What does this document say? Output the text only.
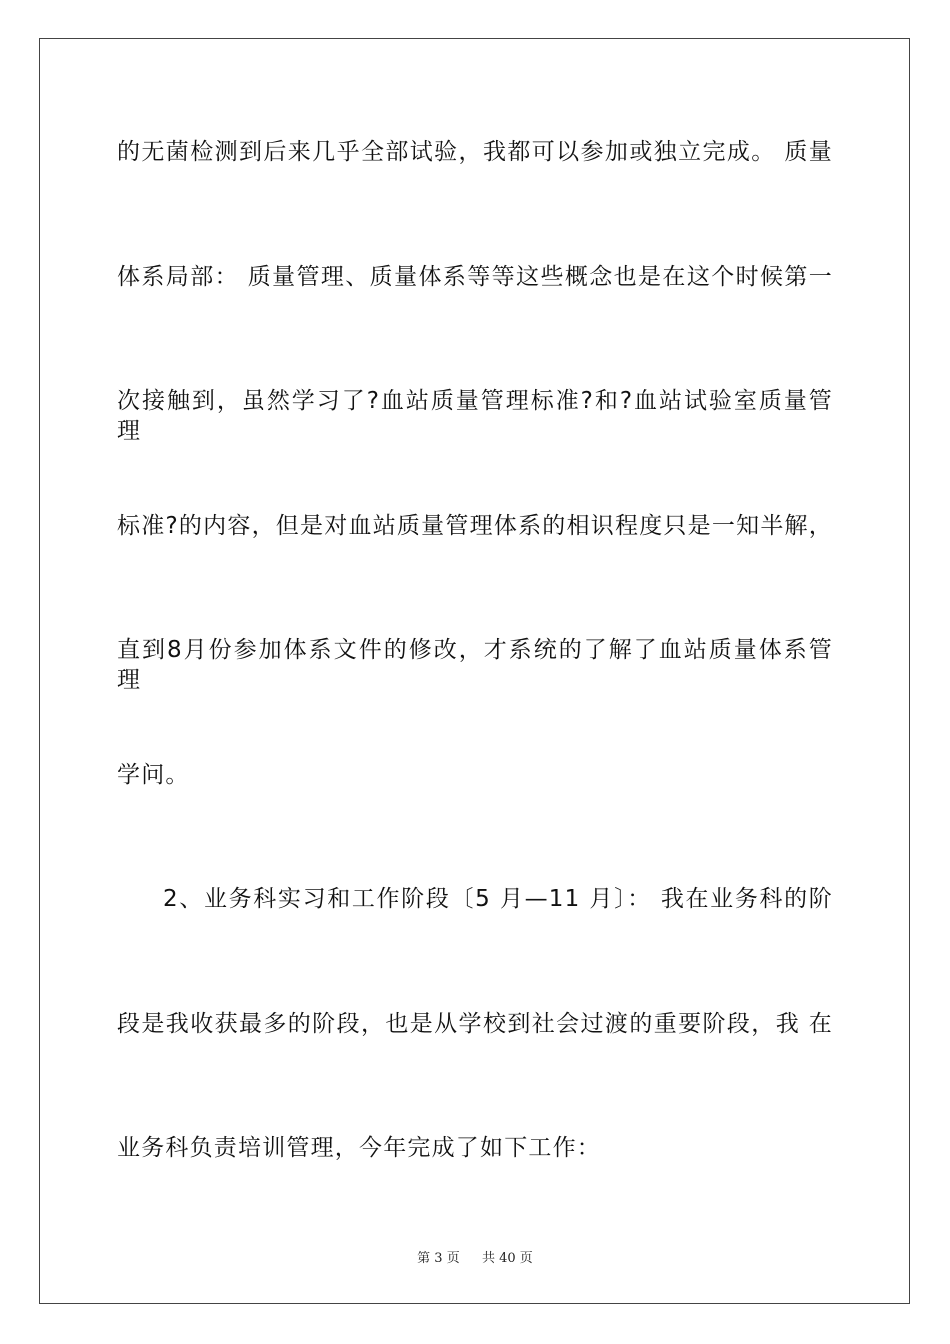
的无菌检测到后来几乎全部试验，我都可以参加或独立完成。 质量
体系局部： 质量管理、质量体系等等这些概念也是在这个时候第一
次接触到，虽然学习了?血站质量管理标准?和?血站试验室质量管理
标准?的内容，但是对血站质量管理体系的相识程度只是一知半解，
直到8月份参加体系文件的修改，才系统的了解了血站质量体系管理
学问。
2、业务科实习和工作阶段〔5 月—11 月〕： 我在业务科的阶
段是我收获最多的阶段，也是从学校到社会过渡的重要阶段，我 在
业务科负责培训管理，今年完成了如下工作：
第 3 页 共 40 页
